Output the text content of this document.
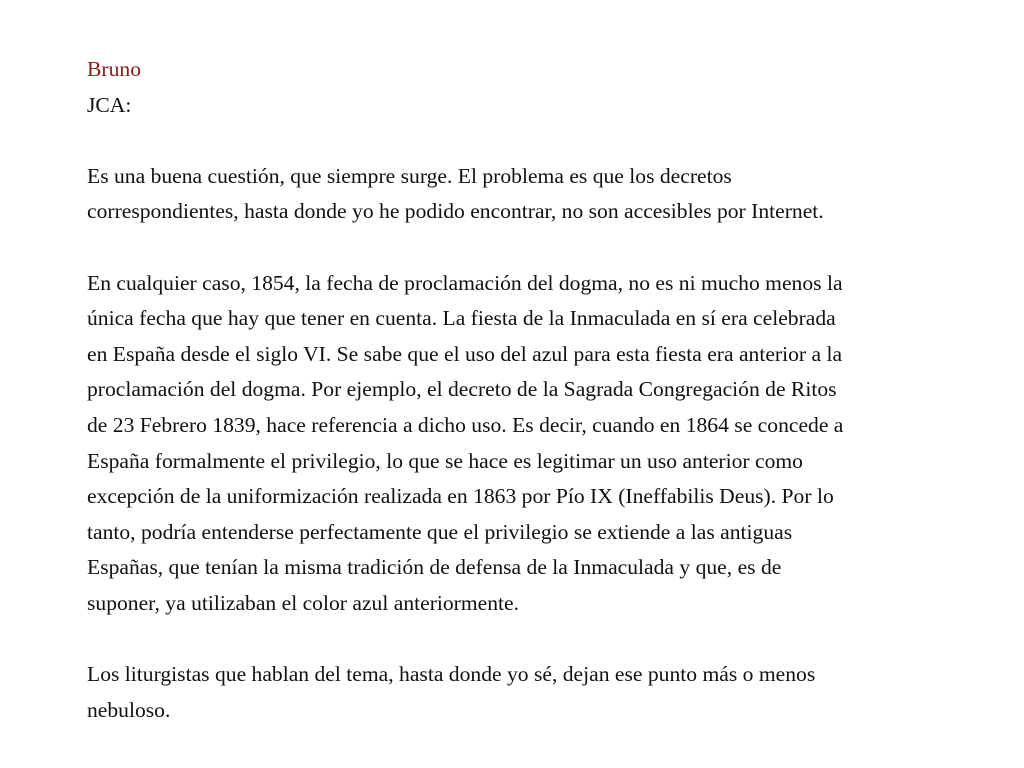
Bruno
JCA:

Es una buena cuestión, que siempre surge. El problema es que los decretos
correspondientes, hasta donde yo he podido encontrar, no son accesibles por Internet.

En cualquier caso, 1854, la fecha de proclamación del dogma, no es ni mucho menos la
única fecha que hay que tener en cuenta. La fiesta de la Inmaculada en sí era celebrada
en España desde el siglo VI. Se sabe que el uso del azul para esta fiesta era anterior a la
proclamación del dogma. Por ejemplo, el decreto de la Sagrada Congregación de Ritos
de 23 Febrero 1839, hace referencia a dicho uso. Es decir, cuando en 1864 se concede a
España formalmente el privilegio, lo que se hace es legitimar un uso anterior como
excepción de la uniformización realizada en 1863 por Pío IX (Ineffabilis Deus). Por lo
tanto, podría entenderse perfectamente que el privilegio se extiende a las antiguas
Españas, que tenían la misma tradición de defensa de la Inmaculada y que, es de
suponer, ya utilizaban el color azul anteriormente.

Los liturgistas que hablan del tema, hasta donde yo sé, dejan ese punto más o menos
nebuloso.
